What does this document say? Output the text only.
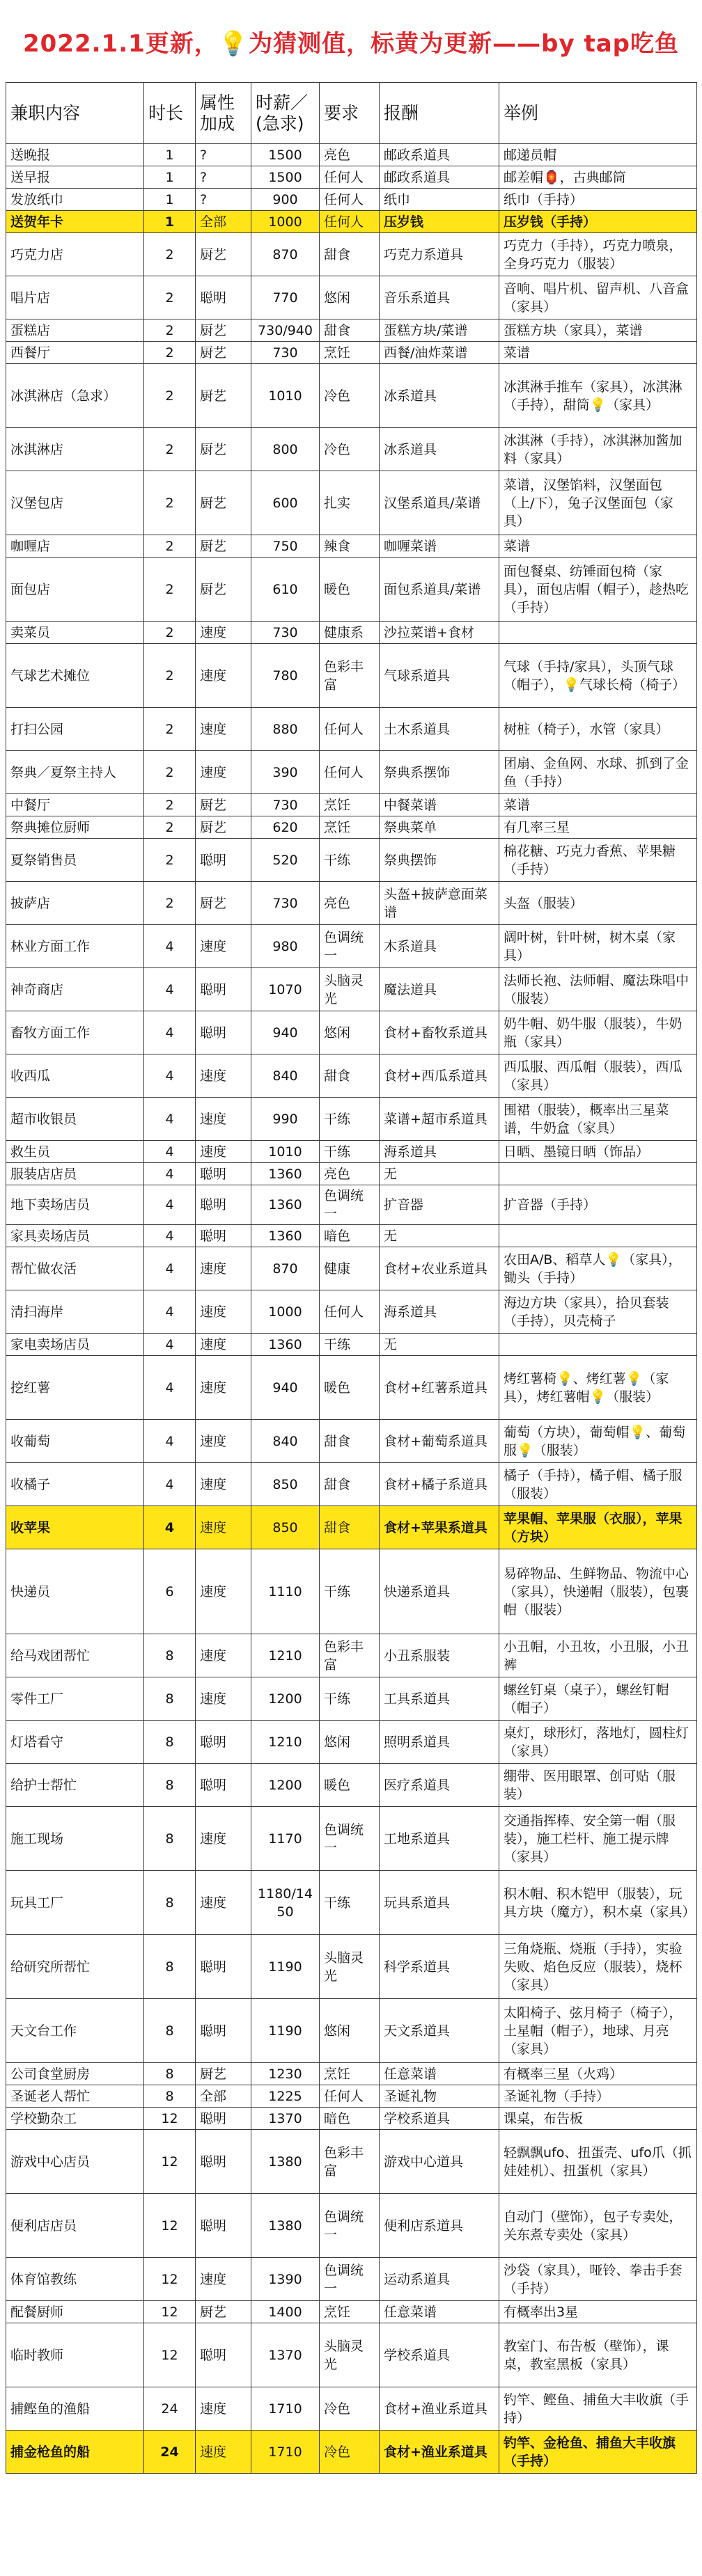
2022.1.1更新，💡为猜测值，标黄为更新——by tap吃鱼
兼职内容	时长	属性加成	时薪／(急求)	要求	报酬	举例
送晚报	1	?	1500	亮色	邮政系道具	邮递员帽
送早报	1	?	1500	任何人	邮政系道具	邮差帽🏮，古典邮筒
发放纸巾	1	?	900	任何人	纸巾	纸巾（手持）
送贺年卡	1	全部	1000	任何人	压岁钱	压岁钱（手持）
巧克力店	2	厨艺	870	甜食	巧克力系道具	巧克力（手持），巧克力喷泉，全身巧克力（服装）
唱片店	2	聪明	770	悠闲	音乐系道具	音响、唱片机、留声机、八音盒（家具）
蛋糕店	2	厨艺	730/940	甜食	蛋糕方块/菜谱	蛋糕方块（家具），菜谱
西餐厅	2	厨艺	730	烹饪	西餐/油炸菜谱	菜谱
冰淇淋店（急求）	2	厨艺	1010	冷色	冰系道具	冰淇淋手推车（家具），冰淇淋（手持），甜筒💡（家具）
冰淇淋店	2	厨艺	800	冷色	冰系道具	冰淇淋（手持），冰淇淋加酱加料（家具）
汉堡包店	2	厨艺	600	扎实	汉堡系道具/菜谱	菜谱，汉堡馅料，汉堡面包（上/下），兔子汉堡面包（家具）
咖喱店	2	厨艺	750	辣食	咖喱菜谱	菜谱
面包店	2	厨艺	610	暖色	面包系道具/菜谱	面包餐桌、纺锤面包椅（家具），面包店帽（帽子），趁热吃（手持）
卖菜员	2	速度	730	健康系	沙拉菜谱+食材	
气球艺术摊位	2	速度	780	色彩丰富	气球系道具	气球（手持/家具），头顶气球（帽子），💡气球长椅（椅子）
打扫公园	2	速度	880	任何人	土木系道具	树桩（椅子），水管（家具）
祭典／夏祭主持人	2	速度	390	任何人	祭典系摆饰	团扇、金鱼网、水球、抓到了金鱼（手持）
中餐厅	2	厨艺	730	烹饪	中餐菜谱	菜谱
祭典摊位厨师	2	厨艺	620	烹饪	祭典菜单	有几率三星
夏祭销售员	2	聪明	520	干练	祭典摆饰	棉花糖、巧克力香蕉、苹果糖（手持）
披萨店	2	厨艺	730	亮色	头盔+披萨意面菜谱	头盔（服装）
林业方面工作	4	速度	980	色调统一	木系道具	阔叶树，针叶树，树木桌（家具）
神奇商店	4	聪明	1070	头脑灵光	魔法道具	法师长袍、法师帽、魔法珠唱中（服装）
畜牧方面工作	4	聪明	940	悠闲	食材+畜牧系道具	奶牛帽、奶牛服（服装），牛奶瓶（家具）
收西瓜	4	速度	840	甜食	食材+西瓜系道具	西瓜服、西瓜帽（服装），西瓜（家具）
超市收银员	4	速度	990	干练	菜谱+超市系道具	围裙（服装），概率出三星菜谱，牛奶盒（家具）
救生员	4	速度	1010	干练	海系道具	日晒、墨镜日晒（饰品）
服装店店员	4	聪明	1360	亮色	无	
地下卖场店员	4	聪明	1360	色调统一	扩音器	扩音器（手持）
家具卖场店员	4	聪明	1360	暗色	无	
帮忙做农活	4	速度	870	健康	食材+农业系道具	农田A/B、稻草人💡（家具），锄头（手持）
清扫海岸	4	速度	1000	任何人	海系道具	海边方块（家具），拾贝套装（手持），贝壳椅子
家电卖场店员	4	速度	1360	干练	无	
挖红薯	4	速度	940	暖色	食材+红薯系道具	烤红薯椅💡、烤红薯💡（家具），烤红薯帽💡（服装）
收葡萄	4	速度	840	甜食	食材+葡萄系道具	葡萄（方块），葡萄帽💡、葡萄服💡（服装）
收橘子	4	速度	850	甜食	食材+橘子系道具	橘子（手持），橘子帽、橘子服（服装）
收苹果	4	速度	850	甜食	食材+苹果系道具	苹果帽、苹果服（衣服），苹果（方块）
快递员	6	速度	1110	干练	快递系道具	易碎物品、生鲜物品、物流中心（家具），快递帽（服装），包裹帽（服装）
给马戏团帮忙	8	速度	1210	色彩丰富	小丑系服装	小丑帽，小丑妆，小丑服，小丑裤
零件工厂	8	速度	1200	干练	工具系道具	螺丝钉桌（桌子），螺丝钉帽（帽子）
灯塔看守	8	聪明	1210	悠闲	照明系道具	桌灯，球形灯，落地灯，圆柱灯（家具）
给护士帮忙	8	聪明	1200	暖色	医疗系道具	绷带、医用眼罩、创可贴（服装）
施工现场	8	速度	1170	色调统一	工地系道具	交通指挥棒、安全第一帽（服装），施工栏杆、施工提示牌（家具）
玩具工厂	8	速度	1180/1450	干练	玩具系道具	积木帽、积木铠甲（服装），玩具方块（魔方），积木桌（家具）
给研究所帮忙	8	聪明	1190	头脑灵光	科学系道具	三角烧瓶、烧瓶（手持），实验失败、焰色反应（服装），烧杯（家具）
天文台工作	8	聪明	1190	悠闲	天文系道具	太阳椅子、弦月椅子（椅子），土星帽（帽子），地球、月亮（家具）
公司食堂厨房	8	厨艺	1230	烹饪	任意菜谱	有概率三星（火鸡）
圣诞老人帮忙	8	全部	1225	任何人	圣诞礼物	圣诞礼物（手持）
学校勤杂工	12	聪明	1370	暗色	学校系道具	课桌，布告板
游戏中心店员	12	聪明	1380	色彩丰富	游戏中心道具	轻飘飘ufo、扭蛋壳、ufo爪（抓娃娃机）、扭蛋机（家具）
便利店店员	12	聪明	1380	色调统一	便利店系道具	自动门（壁饰），包子专卖处，关东煮专卖处（家具）
体育馆教练	12	速度	1390	色调统一	运动系道具	沙袋（家具），哑铃、拳击手套（手持）
配餐厨师	12	厨艺	1400	烹饪	任意菜谱	有概率出3星
临时教师	12	聪明	1370	头脑灵光	学校系道具	教室门、布告板（壁饰），课桌，教室黑板（家具）
捕鲣鱼的渔船	24	速度	1710	冷色	食材+渔业系道具	钓竿、鲣鱼、捕鱼大丰收旗（手持）
捕金枪鱼的船	24	速度	1710	冷色	食材+渔业系道具	钓竿、金枪鱼、捕鱼大丰收旗（手持）
